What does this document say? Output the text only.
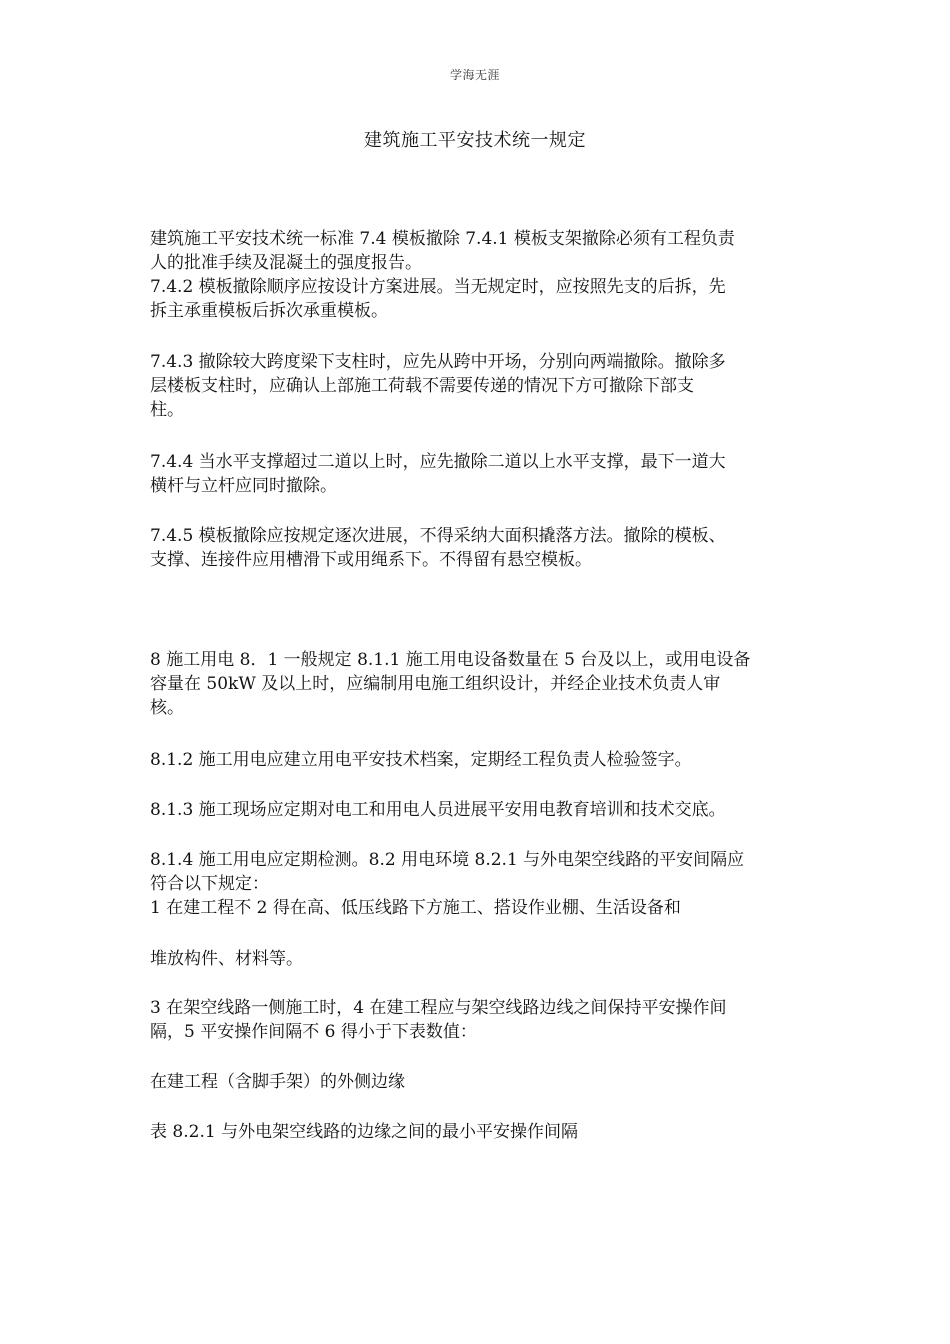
学海无涯
建筑施工平安技术统一规定
建筑施工平安技术统一标准 7.4 模板撤除 7.4.1 模板支架撤除必须有工程负责
人的批准手续及混凝土的强度报告。
7.4.2 模板撤除顺序应按设计方案进展。当无规定时，应按照先支的后拆，先
拆主承重模板后拆次承重模板。
7.4.3 撤除较大跨度梁下支柱时，应先从跨中开场，分别向两端撤除。撤除多
层楼板支柱时，应确认上部施工荷载不需要传递的情况下方可撤除下部支
柱。
7.4.4 当水平支撑超过二道以上时，应先撤除二道以上水平支撑，最下一道大
横杆与立杆应同时撤除。
7.4.5 模板撤除应按规定逐次进展，不得采纳大面积撬落方法。撤除的模板、
支撑、连接件应用槽滑下或用绳系下。不得留有悬空模板。
8 施工用电 8．1 一般规定 8.1.1 施工用电设备数量在 5 台及以上，或用电设备
容量在 50kW 及以上时，应编制用电施工组织设计，并经企业技术负责人审
核。
8.1.2 施工用电应建立用电平安技术档案，定期经工程负责人检验签字。
8.1.3 施工现场应定期对电工和用电人员进展平安用电教育培训和技术交底。
8.1.4 施工用电应定期检测。8.2 用电环境 8.2.1 与外电架空线路的平安间隔应
符合以下规定：
1 在建工程不 2 得在高、低压线路下方施工、搭设作业棚、生活设备和
堆放构件、材料等。
3 在架空线路一侧施工时，4 在建工程应与架空线路边线之间保持平安操作间
隔，5 平安操作间隔不 6 得小于下表数值：
在建工程（含脚手架）的外侧边缘
表 8.2.1 与外电架空线路的边缘之间的最小平安操作间隔
